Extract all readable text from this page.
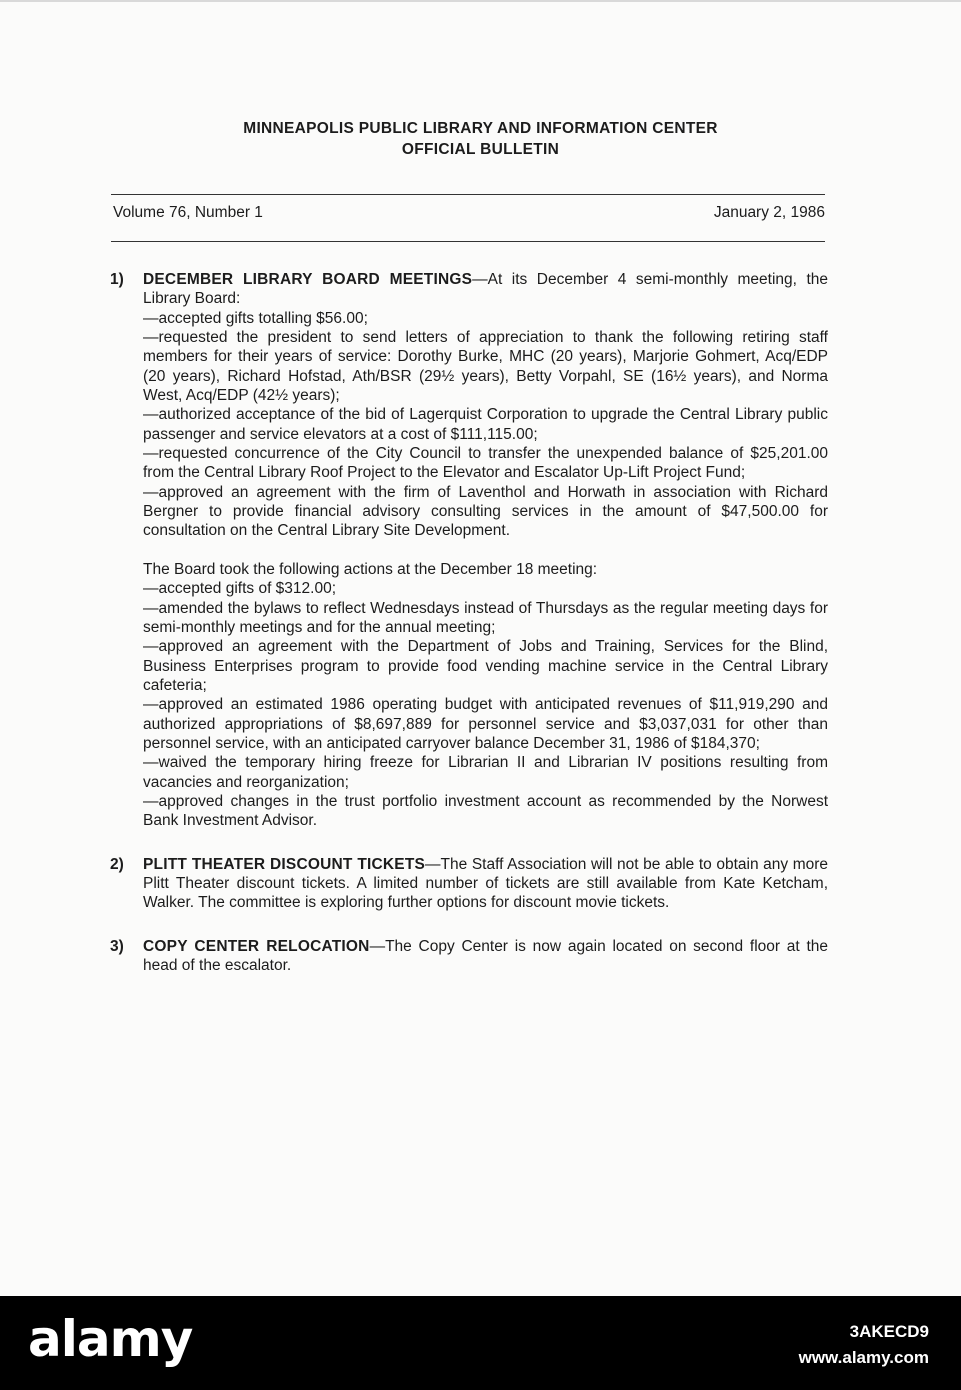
MINNEAPOLIS PUBLIC LIBRARY AND INFORMATION CENTER
OFFICIAL BULLETIN
Volume 76, Number 1	January 2, 1986
1)	DECEMBER LIBRARY BOARD MEETINGS—At its December 4 semi-monthly meeting, the Library Board:
—accepted gifts totalling $56.00;
—requested the president to send letters of appreciation to thank the following retiring staff members for their years of service: Dorothy Burke, MHC (20 years), Marjorie Gohmert, Acq/EDP (20 years), Richard Hofstad, Ath/BSR (29½ years), Betty Vorpahl, SE (16½ years), and Norma West, Acq/EDP (42½ years);
—authorized acceptance of the bid of Lagerquist Corporation to upgrade the Central Library public passenger and service elevators at a cost of $111,115.00;
—requested concurrence of the City Council to transfer the unexpended balance of $25,201.00 from the Central Library Roof Project to the Elevator and Escalator Up-Lift Project Fund;
—approved an agreement with the firm of Laventhol and Horwath in association with Richard Bergner to provide financial advisory consulting services in the amount of $47,500.00 for consultation on the Central Library Site Development.
The Board took the following actions at the December 18 meeting:
—accepted gifts of $312.00;
—amended the bylaws to reflect Wednesdays instead of Thursdays as the regular meeting days for semi-monthly meetings and for the annual meeting;
—approved an agreement with the Department of Jobs and Training, Services for the Blind, Business Enterprises program to provide food vending machine service in the Central Library cafeteria;
—approved an estimated 1986 operating budget with anticipated revenues of $11,919,290 and authorized appropriations of $8,697,889 for personnel service and $3,037,031 for other than personnel service, with an anticipated carryover balance December 31, 1986 of $184,370;
—waived the temporary hiring freeze for Librarian II and Librarian IV positions resulting from vacancies and reorganization;
—approved changes in the trust portfolio investment account as recommended by the Norwest Bank Investment Advisor.
2)	PLITT THEATER DISCOUNT TICKETS—The Staff Association will not be able to obtain any more Plitt Theater discount tickets. A limited number of tickets are still available from Kate Ketcham, Walker. The committee is exploring further options for discount movie tickets.
3)	COPY CENTER RELOCATION—The Copy Center is now again located on second floor at the head of the escalator.
alamy	3AKECD9
www.alamy.com
